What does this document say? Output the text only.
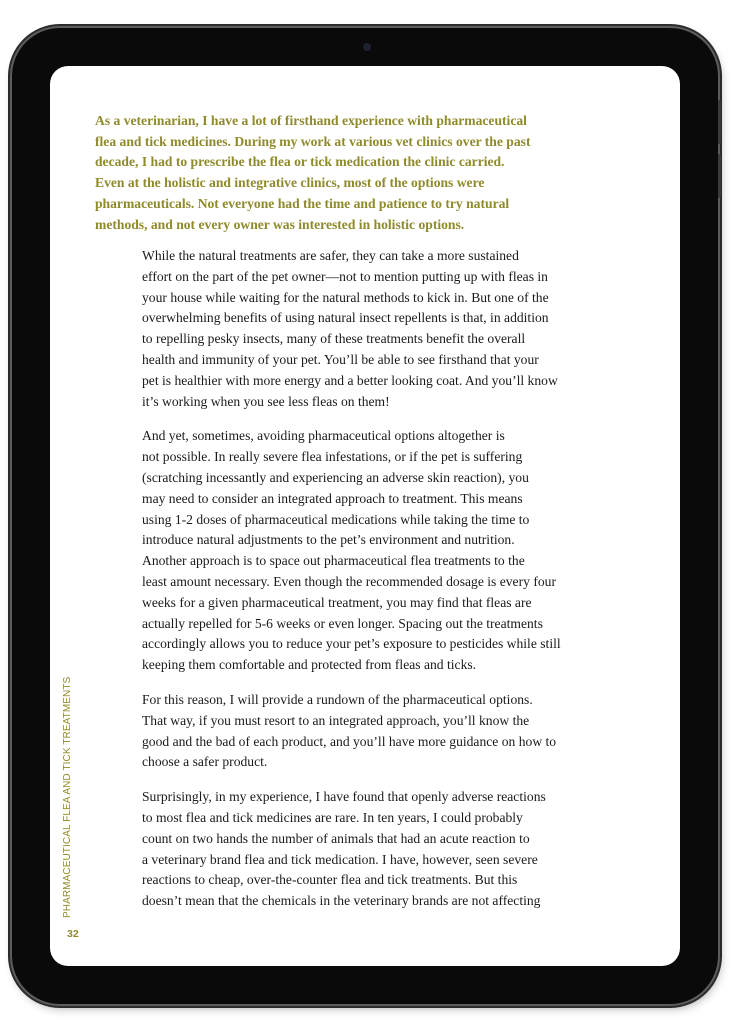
As a veterinarian, I have a lot of firsthand experience with pharmaceutical
flea and tick medicines. During my work at various vet clinics over the past
decade, I had to prescribe the flea or tick medication the clinic carried.
Even at the holistic and integrative clinics, most of the options were
pharmaceuticals. Not everyone had the time and patience to try natural
methods, and not every owner was interested in holistic options.

While the natural treatments are safer, they can take a more sustained
effort on the part of the pet owner—not to mention putting up with fleas in
your house while waiting for the natural methods to kick in. But one of the
overwhelming benefits of using natural insect repellents is that, in addition
to repelling pesky insects, many of these treatments benefit the overall
health and immunity of your pet. You’ll be able to see firsthand that your
pet is healthier with more energy and a better looking coat. And you’ll know
it’s working when you see less fleas on them!

And yet, sometimes, avoiding pharmaceutical options altogether is
not possible. In really severe flea infestations, or if the pet is suffering
(scratching incessantly and experiencing an adverse skin reaction), you
may need to consider an integrated approach to treatment. This means
using 1-2 doses of pharmaceutical medications while taking the time to
introduce natural adjustments to the pet’s environment and nutrition.
Another approach is to space out pharmaceutical flea treatments to the
least amount necessary. Even though the recommended dosage is every four
weeks for a given pharmaceutical treatment, you may find that fleas are
actually repelled for 5-6 weeks or even longer. Spacing out the treatments
accordingly allows you to reduce your pet’s exposure to pesticides while still
keeping them comfortable and protected from fleas and ticks.

For this reason, I will provide a rundown of the pharmaceutical options.
That way, if you must resort to an integrated approach, you’ll know the
good and the bad of each product, and you’ll have more guidance on how to
choose a safer product.

Surprisingly, in my experience, I have found that openly adverse reactions
to most flea and tick medicines are rare. In ten years, I could probably
count on two hands the number of animals that had an acute reaction to
a veterinary brand flea and tick medication. I have, however, seen severe
reactions to cheap, over-the-counter flea and tick treatments. But this
doesn’t mean that the chemicals in the veterinary brands are not affecting

PHARMACEUTICAL FLEA AND TICK TREATMENTS
32
